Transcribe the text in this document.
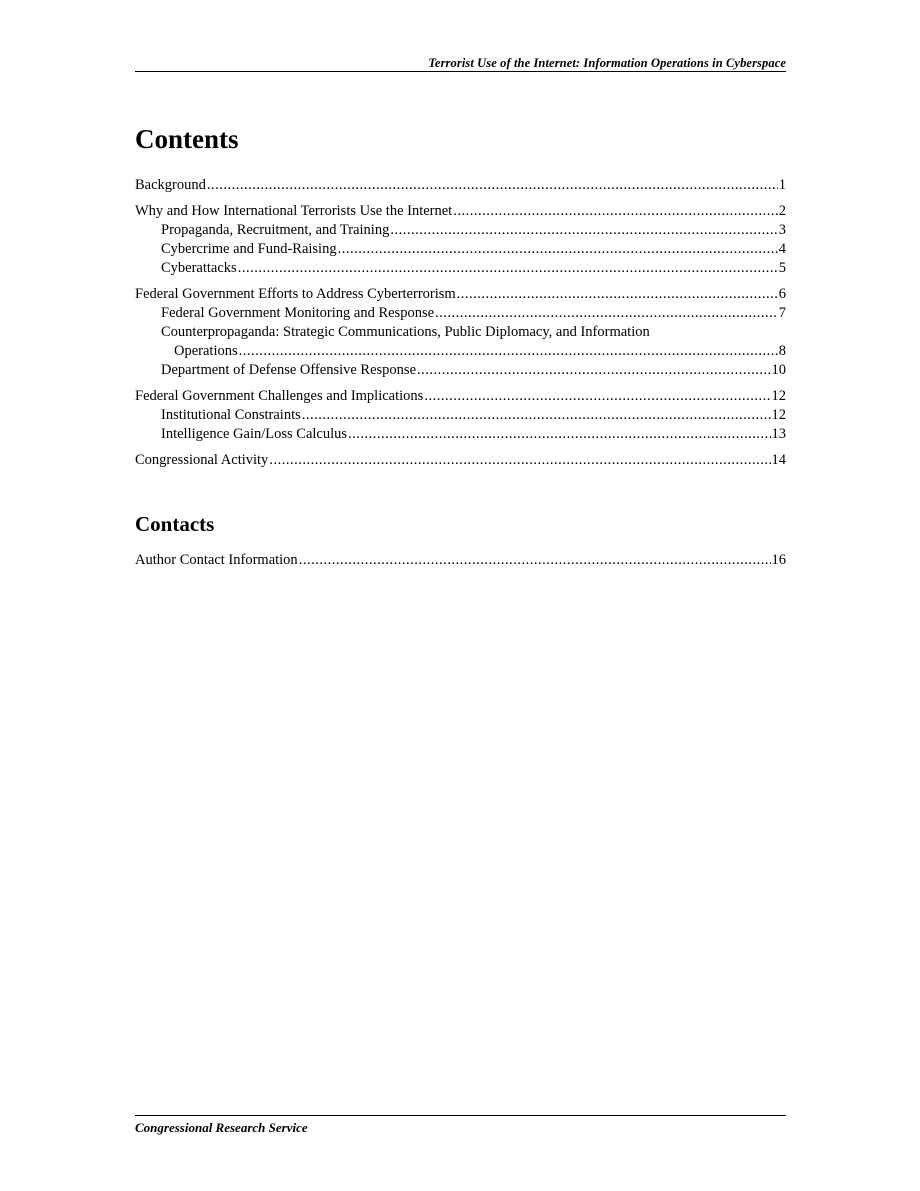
Terrorist Use of the Internet: Information Operations in Cyberspace
Contents
Background .....	1
Why and How International Terrorists Use the Internet .....	2
Propaganda, Recruitment, and Training .....	3
Cybercrime and Fund-Raising .....	4
Cyberattacks .....	5
Federal Government Efforts to Address Cyberterrorism .....	6
Federal Government Monitoring and Response .....	7
Counterpropaganda: Strategic Communications, Public Diplomacy, and Information
Operations .....	8
Department of Defense Offensive Response .....	10
Federal Government Challenges and Implications .....	12
Institutional Constraints .....	12
Intelligence Gain/Loss Calculus .....	13
Congressional Activity .....	14
Contacts
Author Contact Information .....	16
Congressional Research Service
